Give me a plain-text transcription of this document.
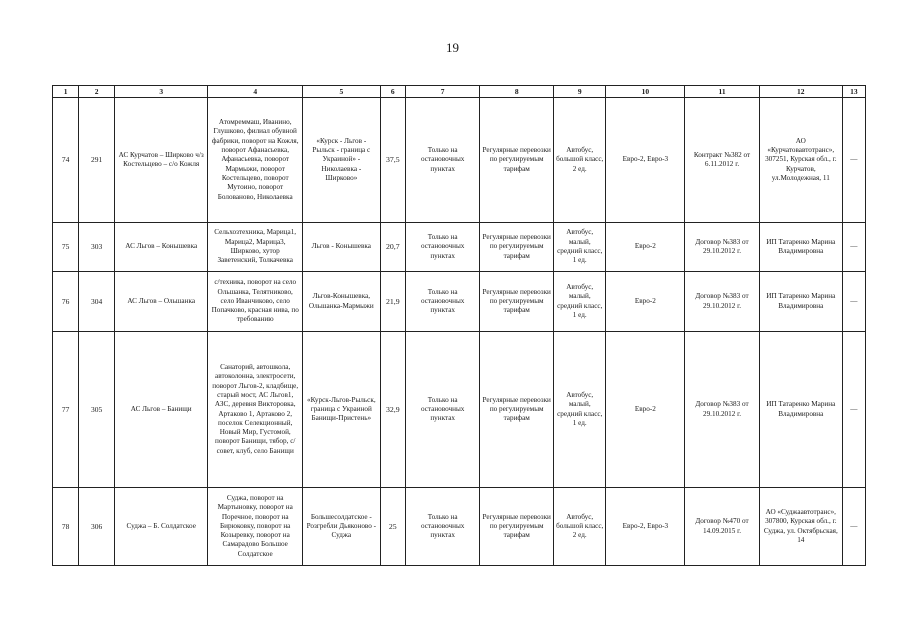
19
1	2	3	4	5	6	7	8	9	10	11	12	13
74	291	АС Курчатов – Ширково ч/з Костельцево – с/о Кожля	Атомреммаш, Иванино, Глушково, филиал обувной фабрики, поворот на Кожля, поворот Афанасьевка, Афанасьевка, поворот Мармыжи, поворот Костельцево, поворот Мутоино, поворот Болованово, Николаевка	«Курск - Льгов - Рыльск - граница с Украиной» - Николаевка - Ширково»	37,5	Только на остановочных пунктах	Регулярные перевозки по регулируемым тарифам	Автобус, большой класс, 2 ед.	Евро-2, Евро-3	Контракт №382 от 6.11.2012 г.	АО «Курчатовавтотранс», 307251, Курская обл., г. Курчатов, ул.Молодежная, 11	—
75	303	АС Льгов – Конышевка	Сельхозтехника, Марица1, Марица2, Марица3, Ширково, хутор Заветенский, Толкачевка	Льгов - Конышевка	20,7	Только на остановочных пунктах	Регулярные перевозки по регулируемым тарифам	Автобус, малый, средний класс, 1 ед.	Евро-2	Договор №383 от 29.10.2012 г.	ИП Татаренко Марина Владимировна	—
76	304	АС Льгов – Ольшанка	с/техника, поворот на село Ольшанка, Телятниково, село Иванчиково, село Попачково, красная нива, по требованию	Льгов-Конышевка, Ольшанка-Мармыжи	21,9	Только на остановочных пунктах	Регулярные перевозки по регулируемым тарифам	Автобус, малый, средний класс, 1 ед.	Евро-2	Договор №383 от 29.10.2012 г.	ИП Татаренко Марина Владимировна	—
77	305	АС Льгов – Банищи	Санаторий, автошкола, автоколонна, электросети, поворот Льгов-2, кладбище, старый мост, АС Льгов1, АЗС, деревня Викторовка, Артаково 1, Артаково 2, поселок Селекционный, Новый Мир, Густомой, поворот Банищи, тябор, с/совет, клуб, село Банищи	«Курск-Льгов-Рыльск, граница с Украиной Банищи-Пристень»	32,9	Только на остановочных пунктах	Регулярные перевозки по регулируемым тарифам	Автобус, малый, средний класс, 1 ед.	Евро-2	Договор №383 от 29.10.2012 г.	ИП Татаренко Марина Владимировна	—
78	306	Суджа – Б. Солдатское	Суджа, поворот на Мартыновку, поворот на Поречное, поворот на Бирюковку, поворот на Козыревку, поворот на Самарадово Большое Солдатское	Большесолдатское - Розгребли Дьяконово - Суджа	25	Только на остановочных пунктах	Регулярные перевозки по регулируемым тарифам	Автобус, большой класс, 2 ед.	Евро-2, Евро-3	Договор №470 от 14.09.2015 г.	АО «Суджаавтотранс», 307800, Курская обл., г. Суджа, ул. Октябрьская, 14	—
